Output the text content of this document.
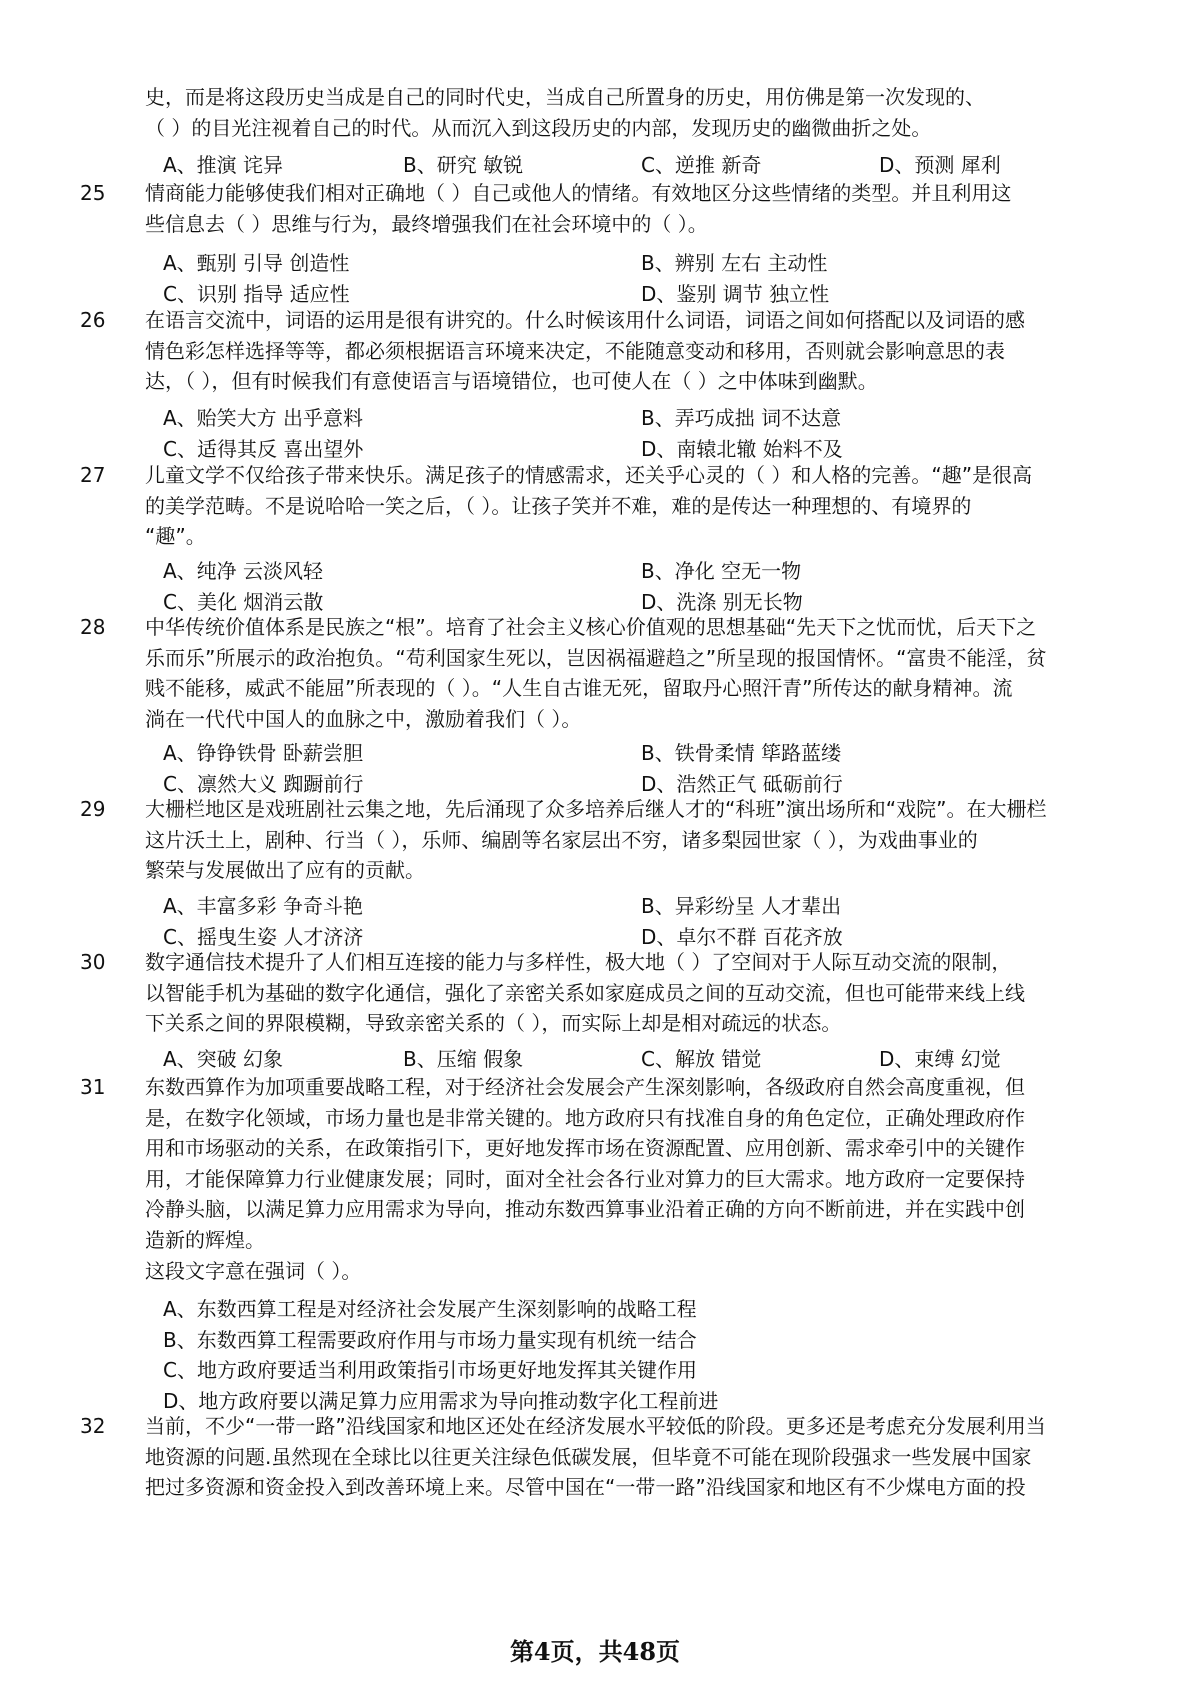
史，而是将这段历史当成是自己的同时代史，当成自己所置身的历史，用仿佛是第一次发现的、
（ ）的目光注视着自己的时代。从而沉入到这段历史的内部，发现历史的幽微曲折之处。
A、推演 诧异	B、研究 敏锐	C、逆推 新奇	D、预测 犀利
25 情商能力能够使我们相对正确地（ ）自己或他人的情绪。有效地区分这些情绪的类型。并且利用这
些信息去（ ）思维与行为，最终增强我们在社会环境中的（ ）。
A、甄别 引导 创造性	B、辨别 左右 主动性
C、识别 指导 适应性	D、鉴别 调节 独立性
26 在语言交流中，词语的运用是很有讲究的。什么时候该用什么词语，词语之间如何搭配以及词语的感
情色彩怎样选择等等，都必须根据语言环境来决定，不能随意变动和移用，否则就会影响意思的表
达，（ ），但有时候我们有意使语言与语境错位，也可使人在（ ）之中体味到幽默。
A、贻笑大方 出乎意料	B、弄巧成拙 词不达意
C、适得其反 喜出望外	D、南辕北辙 始料不及
27 儿童文学不仅给孩子带来快乐。满足孩子的情感需求，还关乎心灵的（ ）和人格的完善。“趣”是很高
的美学范畴。不是说哈哈一笑之后，（ ）。让孩子笑并不难，难的是传达一种理想的、有境界的
“趣”。
A、纯净 云淡风轻	B、净化 空无一物
C、美化 烟消云散	D、洗涤 别无长物
28 中华传统价值体系是民族之“根”。培育了社会主义核心价值观的思想基础“先天下之忧而忧，后天下之
乐而乐”所展示的政治抱负。“苟利国家生死以，岂因祸福避趋之”所呈现的报国情怀。“富贵不能淫，贫
贱不能移，威武不能屈”所表现的（ ）。“人生自古谁无死，留取丹心照汗青”所传达的献身精神。流
淌在一代代中国人的血脉之中，激励着我们（ ）。
A、铮铮铁骨 卧薪尝胆	B、铁骨柔情 筚路蓝缕
C、凛然大义 踟蹰前行	D、浩然正气 砥砺前行
29 大栅栏地区是戏班剧社云集之地，先后涌现了众多培养后继人才的“科班”演出场所和“戏院”。在大栅栏
这片沃土上，剧种、行当（ ），乐师、编剧等名家层出不穷，诸多梨园世家（ ），为戏曲事业的
繁荣与发展做出了应有的贡献。
A、丰富多彩 争奇斗艳	B、异彩纷呈 人才辈出
C、摇曳生姿 人才济济	D、卓尔不群 百花齐放
30 数字通信技术提升了人们相互连接的能力与多样性，极大地（ ）了空间对于人际互动交流的限制，
以智能手机为基础的数字化通信，强化了亲密关系如家庭成员之间的互动交流，但也可能带来线上线
下关系之间的界限模糊，导致亲密关系的（ ），而实际上却是相对疏远的状态。
A、突破 幻象	B、压缩 假象	C、解放 错觉	D、束缚 幻觉
31 东数西算作为加项重要战略工程，对于经济社会发展会产生深刻影响，各级政府自然会高度重视，但
是，在数字化领域，市场力量也是非常关键的。地方政府只有找准自身的角色定位，正确处理政府作
用和市场驱动的关系，在政策指引下，更好地发挥市场在资源配置、应用创新、需求牵引中的关键作
用，才能保障算力行业健康发展；同时，面对全社会各行业对算力的巨大需求。地方政府一定要保持
冷静头脑，以满足算力应用需求为导向，推动东数西算事业沿着正确的方向不断前进，并在实践中创
造新的辉煌。
这段文字意在强词（ ）。
A、东数西算工程是对经济社会发展产生深刻影响的战略工程
B、东数西算工程需要政府作用与市场力量实现有机统一结合
C、地方政府要适当利用政策指引市场更好地发挥其关键作用
D、地方政府要以满足算力应用需求为导向推动数字化工程前进
32 当前，不少“一带一路”沿线国家和地区还处在经济发展水平较低的阶段。更多还是考虑充分发展利用当
地资源的问题.虽然现在全球比以往更关注绿色低碳发展，但毕竟不可能在现阶段强求一些发展中国家
把过多资源和资金投入到改善环境上来。尽管中国在“一带一路”沿线国家和地区有不少煤电方面的投
第4页，共48页
